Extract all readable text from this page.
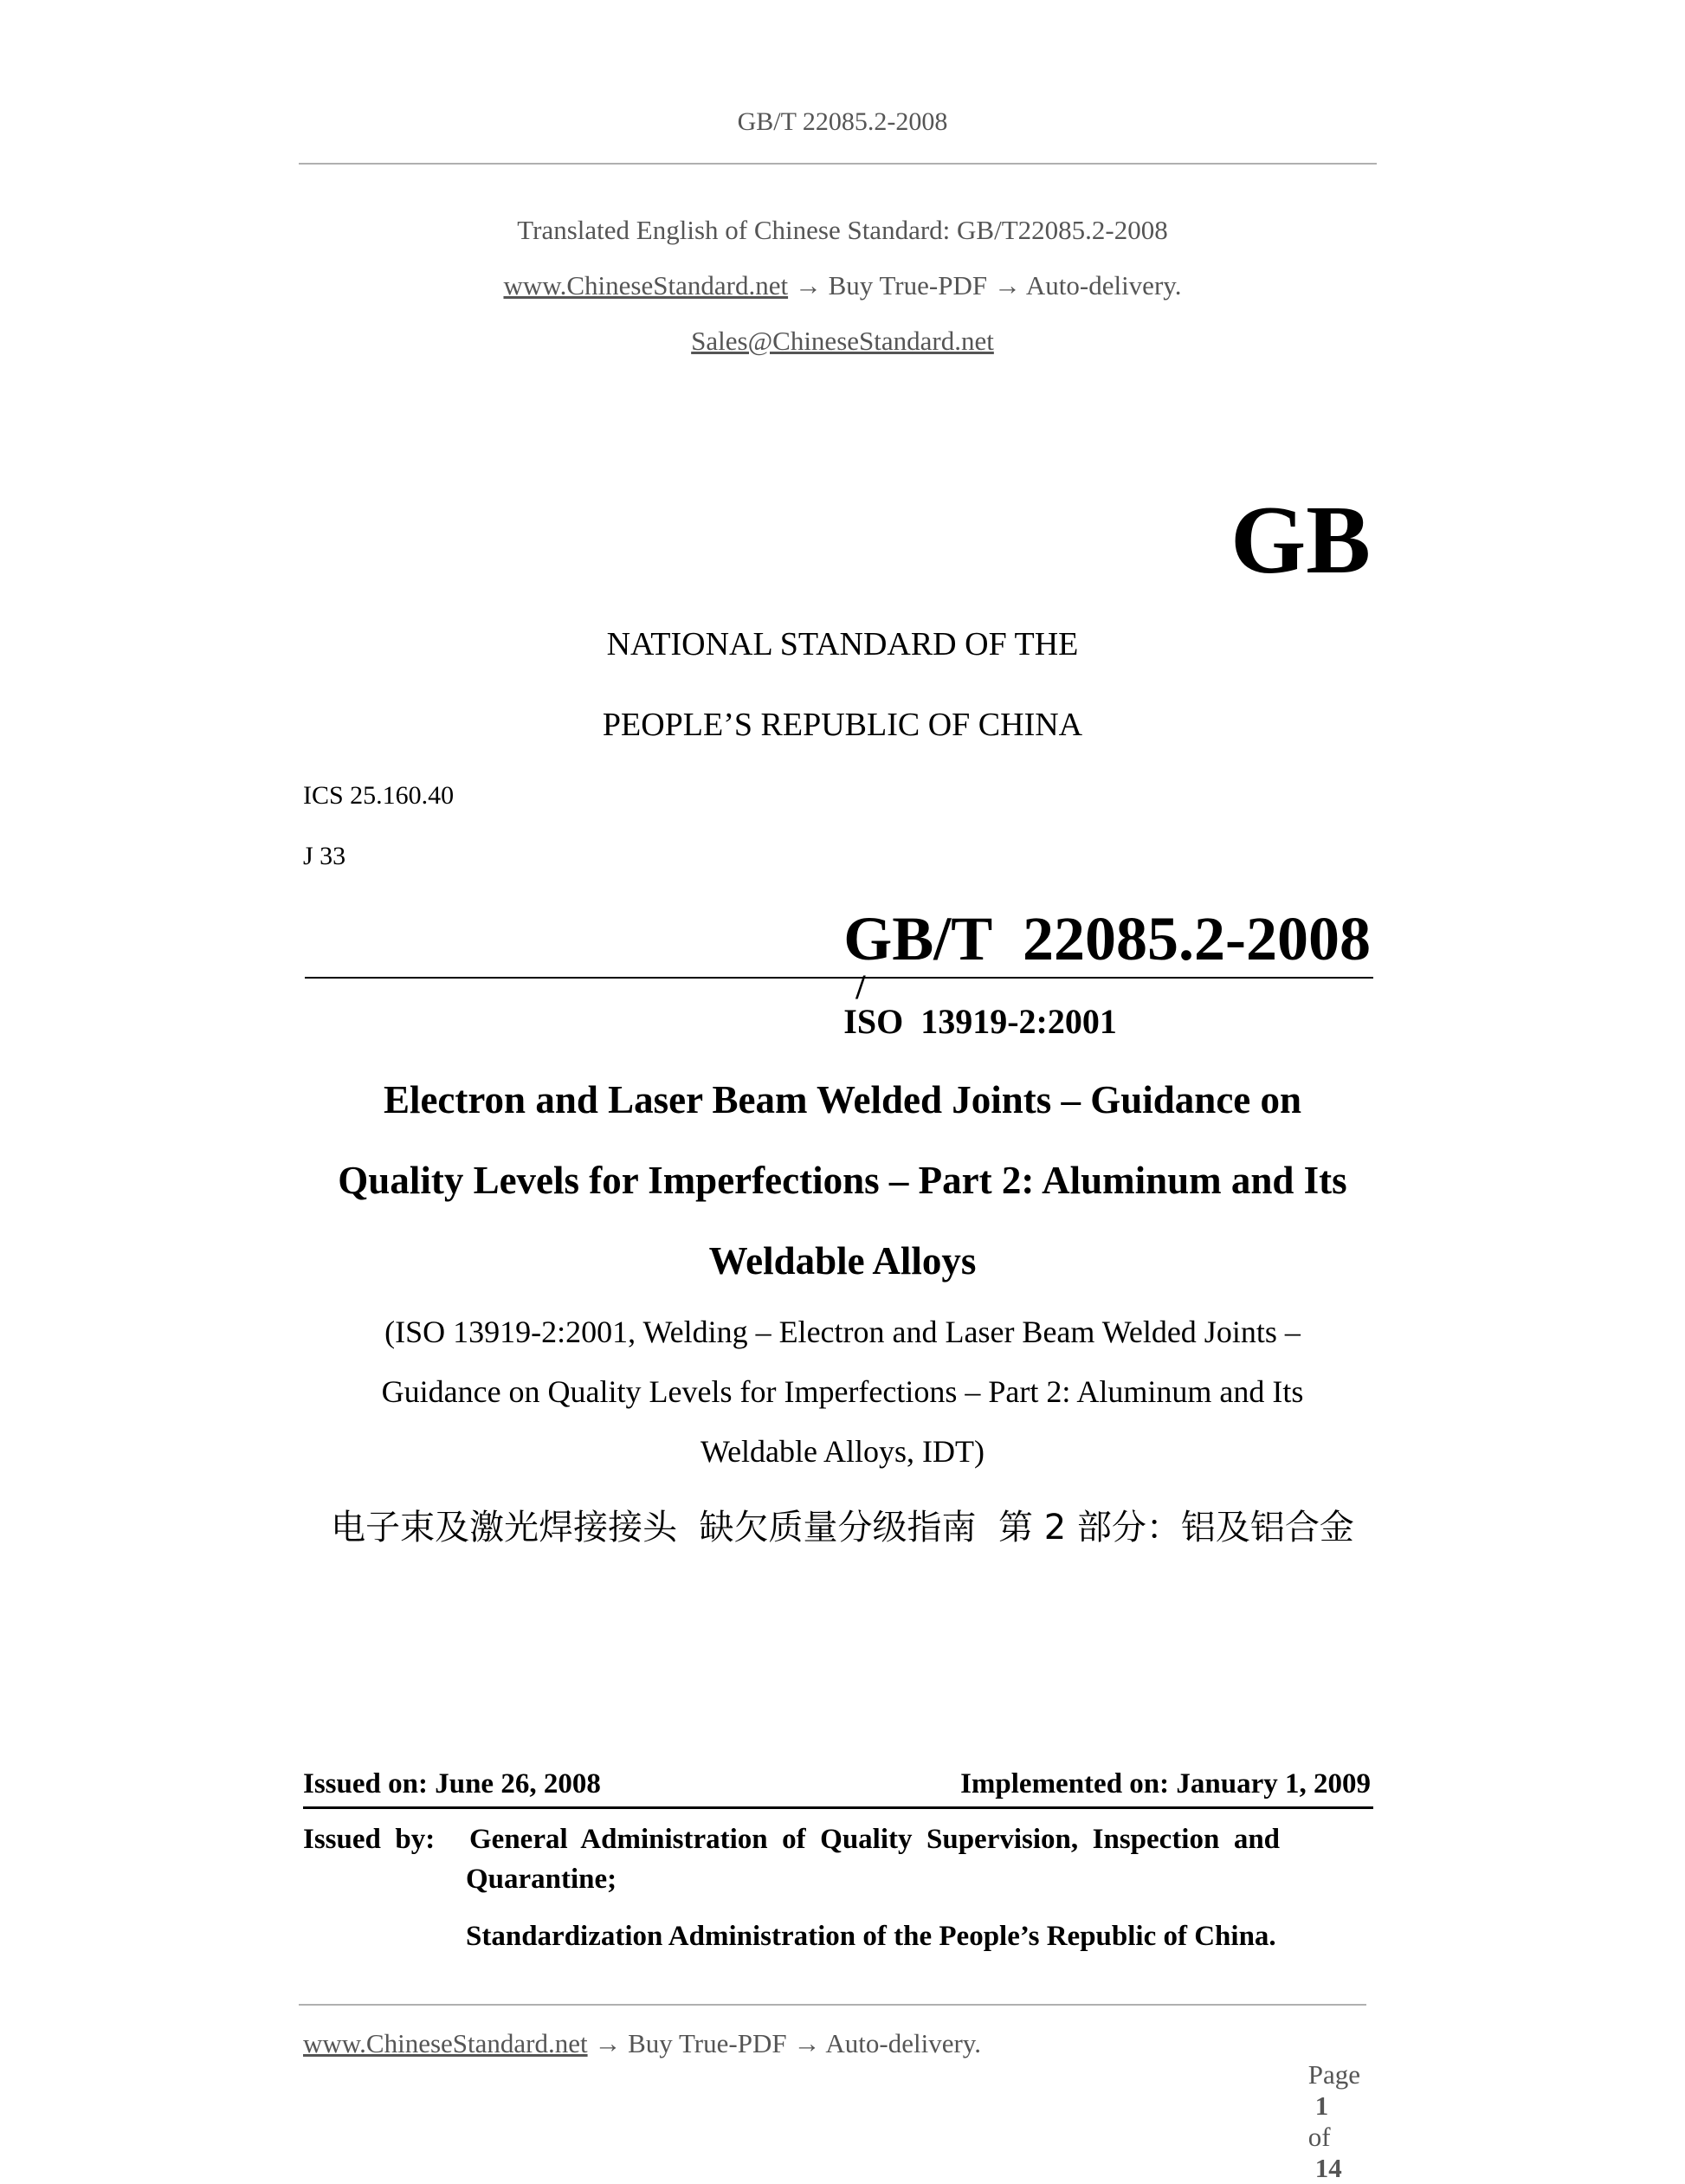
GB/T 22085.2-2008
Translated English of Chinese Standard: GB/T22085.2-2008
www.ChineseStandard.net → Buy True-PDF → Auto-delivery.
Sales@ChineseStandard.net
GB
NATIONAL STANDARD OF THE
PEOPLE’S REPUBLIC OF CHINA
ICS 25.160.40
J 33

GB/T  22085.2-2008
/
ISO  13919-2:2001

Electron and Laser Beam Welded Joints – Guidance on
Quality Levels for Imperfections – Part 2: Aluminum and Its
Weldable Alloys
(ISO 13919-2:2001, Welding – Electron and Laser Beam Welded Joints –
Guidance on Quality Levels for Imperfections – Part 2: Aluminum and Its
Weldable Alloys, IDT)
电子束及激光焊接接头  缺欠质量分级指南  第 2 部分：铝及铝合金
Issued on: June 26, 2008	Implemented on: January 1, 2009
Issued  by: General  Administration  of  Quality  Supervision,  Inspection  and
Quarantine;
Standardization Administration of the People’s Republic of China.
www.ChineseStandard.net → Buy True-PDF → Auto-delivery.

Page
1
of
14
